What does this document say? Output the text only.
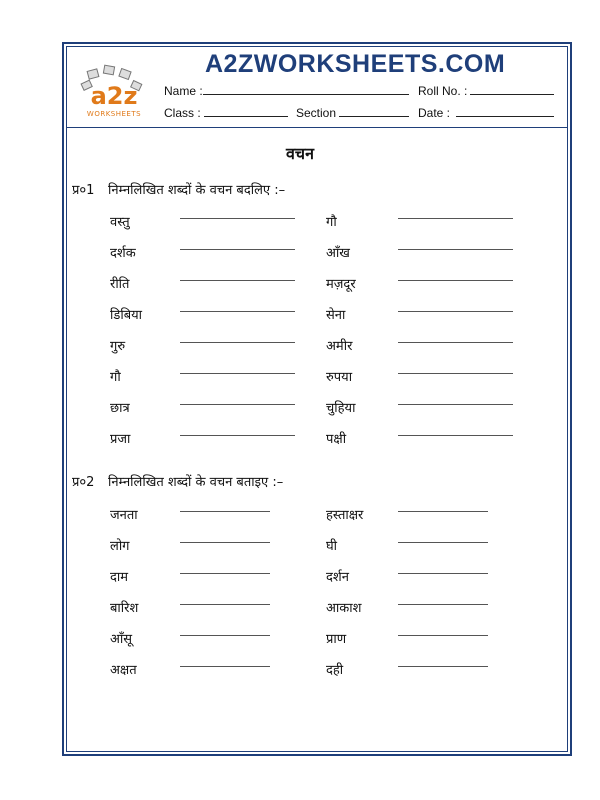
a2z
WORKSHEETS
A2ZWORKSHEETS.COM
Name :	Roll No. :
Class :	Section	Date :
वचन
प्र०1 निम्नलिखित शब्दों के वचन बदलिए :–
वस्तु	गौ
दर्शक	आँख
रीति	मज़दूर
डिबिया	सेना
गुरु	अमीर
गौ	रुपया
छात्र	चुहिया
प्रजा	पक्षी
प्र०2 निम्नलिखित शब्दों के वचन बताइए :–
जनता	हस्ताक्षर
लोग	घी
दाम	दर्शन
बारिश	आकाश
आँसू	प्राण
अक्षत	दही
